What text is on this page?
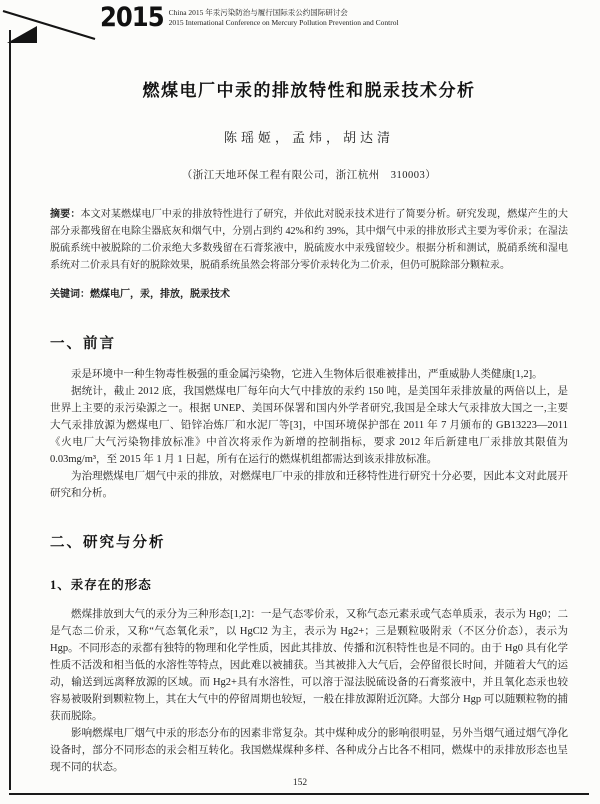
2015 China 2015 年汞污染防治与履行国际汞公约国际研讨会
2015 International Conference on Mercury Pollution Prevention and Control
燃煤电厂中汞的排放特性和脱汞技术分析
陈瑶姬，孟炜，胡达清
（浙江天地环保工程有限公司，浙江杭州　310003）

摘要：本文对某燃煤电厂中汞的排放特性进行了研究，并依此对脱汞技术进行了简要分析。研究发现，燃煤产生的大部分汞都残留在电除尘器底灰和烟气中，分别占到约 42%和约 39%，其中烟气中汞的排放形式主要为零价汞；在湿法脱硫系统中被脱除的二价汞绝大多数残留在石膏浆液中，脱硫废水中汞残留较少。根据分析和测试，脱硝系统和湿电系统对二价汞具有好的脱除效果，脱硝系统虽然会将部分零价汞转化为二价汞，但仍可脱除部分颗粒汞。

关键词：燃煤电厂，汞，排放，脱汞技术

一、前言

汞是环境中一种生物毒性极强的重金属污染物，它进入生物体后很难被排出，严重威胁人类健康[1,2]。

据统计，截止 2012 底，我国燃煤电厂每年向大气中排放的汞约 150 吨，是美国年汞排放量的两倍以上，是世界上主要的汞污染源之一。根据 UNEP、美国环保署和国内外学者研究,我国是全球大气汞排放大国之一,主要大气汞排放源为燃煤电厂、铅锌冶炼厂和水泥厂等[3]，中国环境保护部在 2011 年 7 月颁布的 GB13223—2011《火电厂大气污染物排放标准》中首次将汞作为新增的控制指标，要求 2012 年后新建电厂汞排放其限值为 0.03mg/m³，至 2015 年 1 月 1 日起，所有在运行的燃煤机组都需达到该汞排放标准。

为治理燃煤电厂烟气中汞的排放，对燃煤电厂中汞的排放和迁移特性进行研究十分必要，因此本文对此展开研究和分析。

二、研究与分析
1、汞存在的形态

燃煤排放到大气的汞分为三种形态[1,2]：一是气态零价汞，又称气态元素汞或气态单质汞，表示为 Hg0；二是气态二价汞，又称“气态氧化汞”，以 HgCl2 为主，表示为 Hg2+；三是颗粒吸附汞（不区分价态），表示为 Hgp。不同形态的汞都有独特的物理和化学性质，因此其排放、传播和沉积特性也是不同的。由于 Hg0 具有化学性质不活泼和相当低的水溶性等特点，因此难以被捕获。当其被排入大气后，会停留很长时间，并随着大气的运动，输送到远离释放源的区域。而 Hg2+具有水溶性，可以溶于湿法脱硫设备的石膏浆液中，并且氧化态汞也较容易被吸附到颗粒物上，其在大气中的停留周期也较短，一般在排放源附近沉降。大部分 Hgp 可以随颗粒物的捕获而脱除。

影响燃煤电厂烟气中汞的形态分布的因素非常复杂。其中煤种成分的影响很明显，另外当烟气通过烟气净化设备时，部分不同形态的汞会相互转化。我国燃煤煤种多样、各种成分占比各不相同，燃煤中的汞排放形态也呈现不同的状态。

152
